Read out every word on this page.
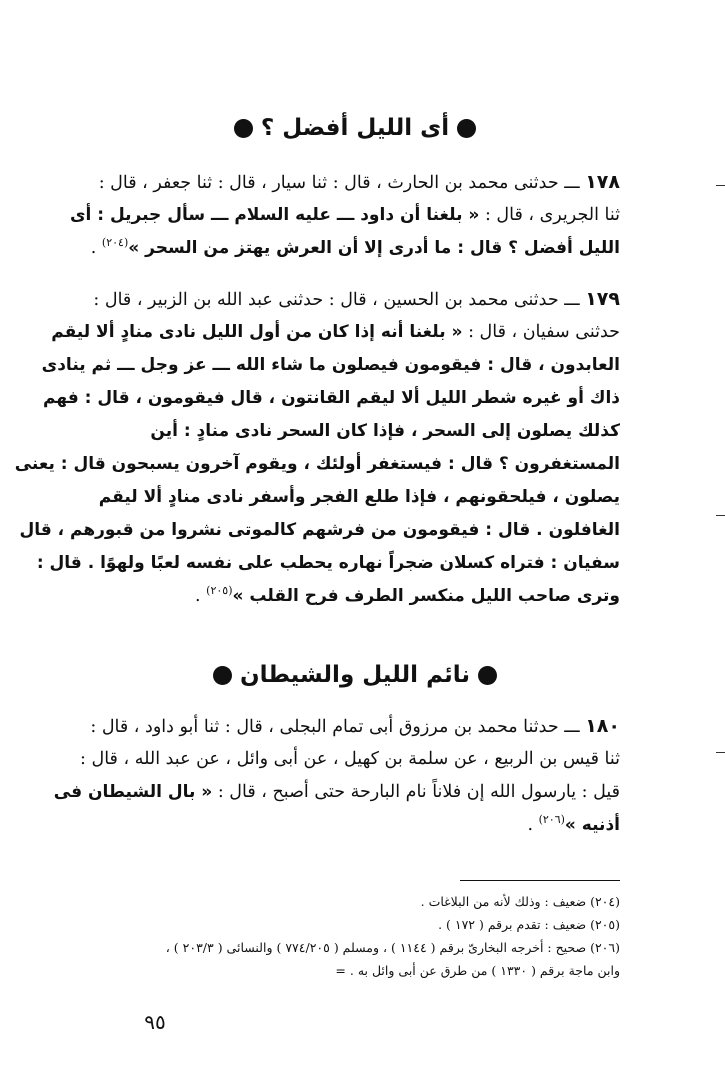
أى الليل أفضل ؟
١٧٨ ـــ حدثنى محمد بن الحارث ، قال : ثنا سيار ، قال : ثنا جعفر ، قال :
ثنا الجريرى ، قال : « بلغنا أن داود ـــ عليه السلام ـــ سأل جبريل : أى
الليل أفضل ؟ قال : ما أدرى إلا أن العرش يهتز من السحر »$^{(٢٠٤)}$ .
١٧٩ ـــ حدثنى محمد بن الحسين ، قال : حدثنى عبد الله بن الزبير ، قال :
حدثنى سفيان ، قال : « بلغنا أنه إذا كان من أول الليل نادى منادٍ ألا ليقم
العابدون ، قال : فيقومون فيصلون ما شاء الله ـــ عز وجل ـــ ثم ينادى
ذاك أو غيره شطر الليل ألا ليقم القانتون ، قال فيقومون ، قال : فهم
كذلك يصلون إلى السحر ، فإذا كان السحر نادى منادٍ : أين
المستغفرون ؟ قال : فيستغفر أولئك ، ويقوم آخرون يسبحون قال : يعنى
يصلون ، فيلحقونهم ، فإذا طلع الفجر وأسفر نادى منادٍ ألا ليقم
الغافلون . قال : فيقومون من فرشهم كالموتى نشروا من قبورهم ، قال
سفيان : فتراه كسلان ضجراً نهاره يحطب على نفسه لعبًا ولهوًا . قال :
وترى صاحب الليل منكسر الطرف فرح القلب »$^{(٢٠٥)}$ .
نائم الليل والشيطان
١٨٠ ـــ حدثنا محمد بن مرزوق أبى تمام البجلى ، قال : ثنا أبو داود ، قال :
ثنا قيس بن الربيع ، عن سلمة بن كهيل ، عن أبى وائل ، عن عبد الله ، قال :
قيل : يارسول الله إن فلاناً نام البارحة حتى أصبح ، قال : « بال الشيطان فى
أذنيه »$^{(٢٠٦)}$ .
(٢٠٤) ضعيف : وذلك لأنه من البلاغات .
(٢٠٥) ضعيف : تقدم برقم ( ١٧٢ ) .
(٢٠٦) صحيح : أخرجه البخارىّ برقم ( ١١٤٤ ) ، ومسلم ( ٧٧٤/٢٠٥ ) والنسائى ( ٢٠٣/٣ ) ،
وابن ماجة برقم ( ١٣٣٠ ) من طرق عن أبى وائل به . =
٩٥
